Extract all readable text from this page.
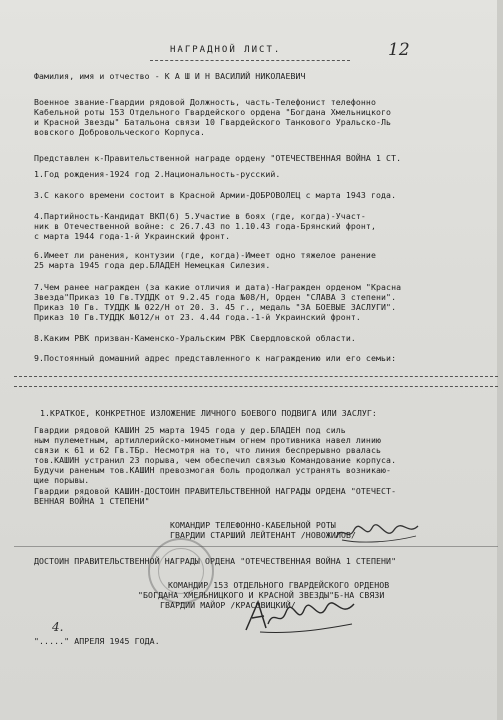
НАГРАДНОЙ ЛИСТ.	12
Фамилия, имя и отчество - К А Ш И Н ВАСИЛИЙ НИКОЛАЕВИЧ
Военное звание-Гвардии рядовой Должность, часть-Телефонист телефонно
Кабельной роты 153 Отдельного Гвардейского ордена "Богдана Хмельницкого
и Красной Звезды" Батальона связи 10 Гвардейского Танкового Уральско-Ль
вовского Добровольческого Корпуса.
Представлен к-Правительственной награде ордену "ОТЕЧЕСТВЕННАЯ ВОЙНА 1 СТ.
1.Год рождения-1924 год 2.Национальность-русский.
3.С какого времени состоит в Красной Армии-ДОБРОВОЛЕЦ с марта 1943 года.
4.Партийность-Кандидат ВКП(б) 5.Участие в боях (где, когда)-Участ-
ник в Отечественной войне: с 26.7.43 по 1.10.43 года-Брянский фронт,
с марта 1944 года-1-й Украинский фронт.
6.Имеет ли ранения, контузии (где, когда)-Имеет одно тяжелое ранение
25 марта 1945 года дер.БЛАДЕН Немецкая Силезия.
7.Чем ранее награжден (за какие отличия и дата)-Награжден орденом "Красна
Звезда"Приказ 10 Гв.ТУДДК от 9.2.45 года №08/Н, Орден "СЛАВА 3 степени".
Приказ 10 Гв. ТУДДК № 022/Н от 20. 3. 45 г., медаль "ЗА БОЕВЫЕ ЗАСЛУГИ".
Приказ 10 Гв.ТУДДК №012/н от 23. 4.44 года.-1-й Украинский фронт.
8.Каким РВК призван-Каменско-Уральским РВК Свердловской области.
9.Постоянный домашний адрес представленного к награждению или его семьи:
1.КРАТКОЕ, КОНКРЕТНОЕ ИЗЛОЖЕНИЕ ЛИЧНОГО БОЕВОГО ПОДВИГА ИЛИ ЗАСЛУГ:
Гвардии рядовой КАШИН 25 марта 1945 года у дер.БЛАДЕН под силь
ным пулеметным, артиллерийско-минометным огнем противника навел линию
связи к 61 и 62 Гв.ТБр. Несмотря на то, что линия беспрерывно рвалась
тов.КАШИН устранил 23 порыва, чем обеспечил связью Командование корпуса.
Будучи раненым тов.КАШИН превозмогая боль продолжал устранять возникаю-
щие порывы.
Гвардии рядовой КАШИН-ДОСТОИН ПРАВИТЕЛЬСТВЕННОЙ НАГРАДЫ ОРДЕНА "ОТЕЧЕСТ-
ВЕННАЯ ВОЙНА 1 СТЕПЕНИ"
КОМАНДИР ТЕЛЕФОННО-КАБЕЛЬНОЙ РОТЫ
ГВАРДИИ СТАРШИЙ ЛЕЙТЕНАНТ /НОВОЖИЛОВ/
ДОСТОИН ПРАВИТЕЛЬСТВЕННОЙ НАГРАДЫ ОРДЕНА "ОТЕЧЕСТВЕННАЯ ВОЙНА 1 СТЕПЕНИ"
КОМАНДИР 153 ОТДЕЛЬНОГО ГВАРДЕЙСКОГО ОРДЕНОВ
"БОГДАНА ХМЕЛЬНИЦКОГО И КРАСНОЙ ЗВЕЗДЫ"Б-НА СВЯЗИ
ГВАРДИИ МАЙОР /КРАСОВИЦКИЙ/
4.
"....." АПРЕЛЯ 1945 ГОДА.
